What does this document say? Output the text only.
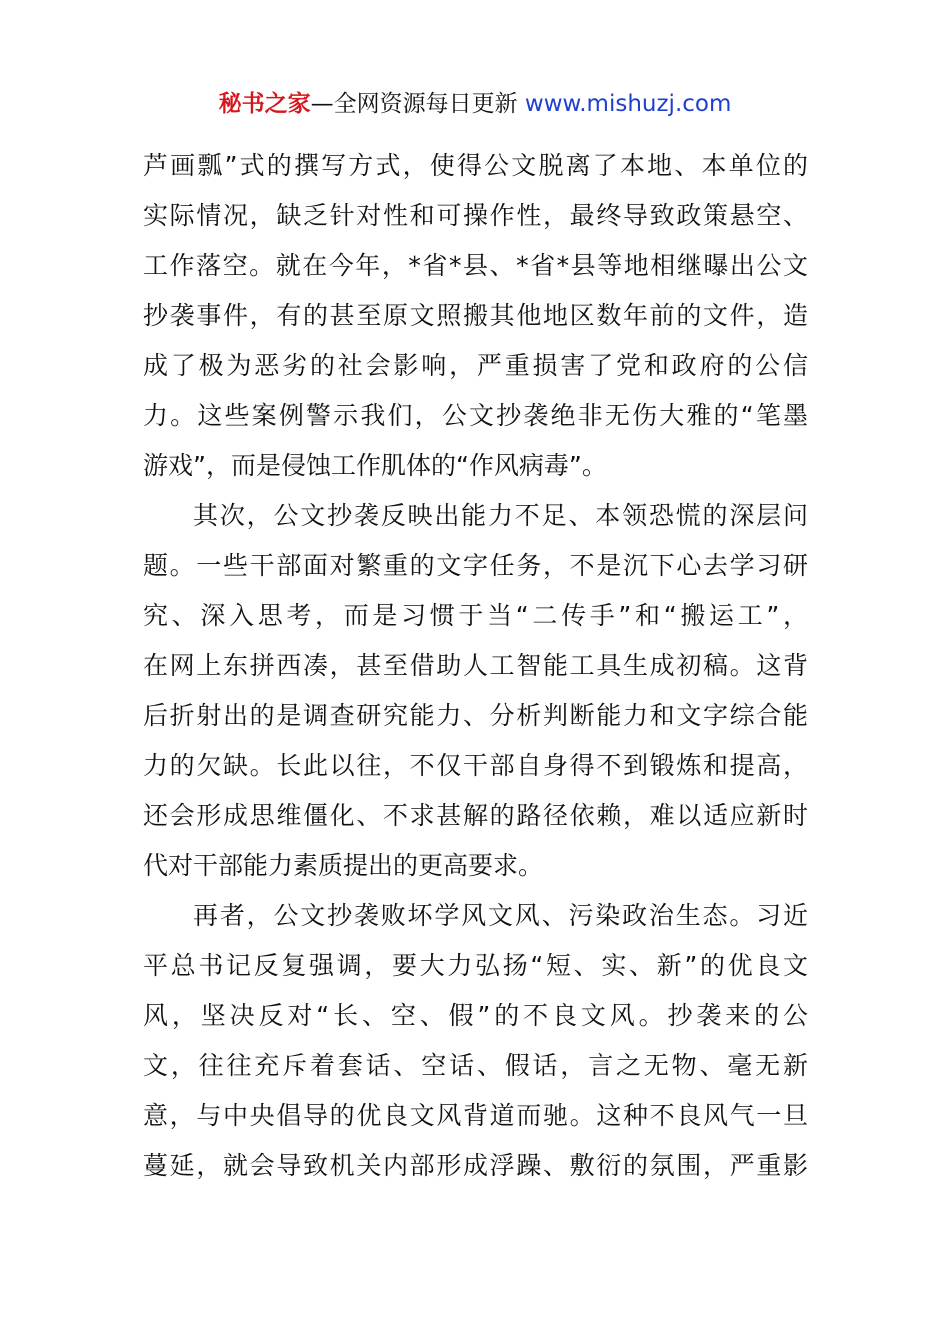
秘书之家—全网资源每日更新 www.mishuzj.com
芦画瓢”式的撰写方式，使得公文脱离了本地、本单位的
实际情况，缺乏针对性和可操作性，最终导致政策悬空、
工作落空。就在今年，*省*县、*省*县等地相继曝出公文
抄袭事件，有的甚至原文照搬其他地区数年前的文件，造
成了极为恶劣的社会影响，严重损害了党和政府的公信
力。这些案例警示我们，公文抄袭绝非无伤大雅的“笔墨
游戏”，而是侵蚀工作肌体的“作风病毒”。
其次，公文抄袭反映出能力不足、本领恐慌的深层问
题。一些干部面对繁重的文字任务，不是沉下心去学习研
究、深入思考，而是习惯于当“二传手”和“搬运工”，
在网上东拼西凑，甚至借助人工智能工具生成初稿。这背
后折射出的是调查研究能力、分析判断能力和文字综合能
力的欠缺。长此以往，不仅干部自身得不到锻炼和提高，
还会形成思维僵化、不求甚解的路径依赖，难以适应新时
代对干部能力素质提出的更高要求。
再者，公文抄袭败坏学风文风、污染政治生态。习近
平总书记反复强调，要大力弘扬“短、实、新”的优良文
风，坚决反对“长、空、假”的不良文风。抄袭来的公
文，往往充斥着套话、空话、假话，言之无物、毫无新
意，与中央倡导的优良文风背道而驰。这种不良风气一旦
蔓延，就会导致机关内部形成浮躁、敷衍的氛围，严重影
